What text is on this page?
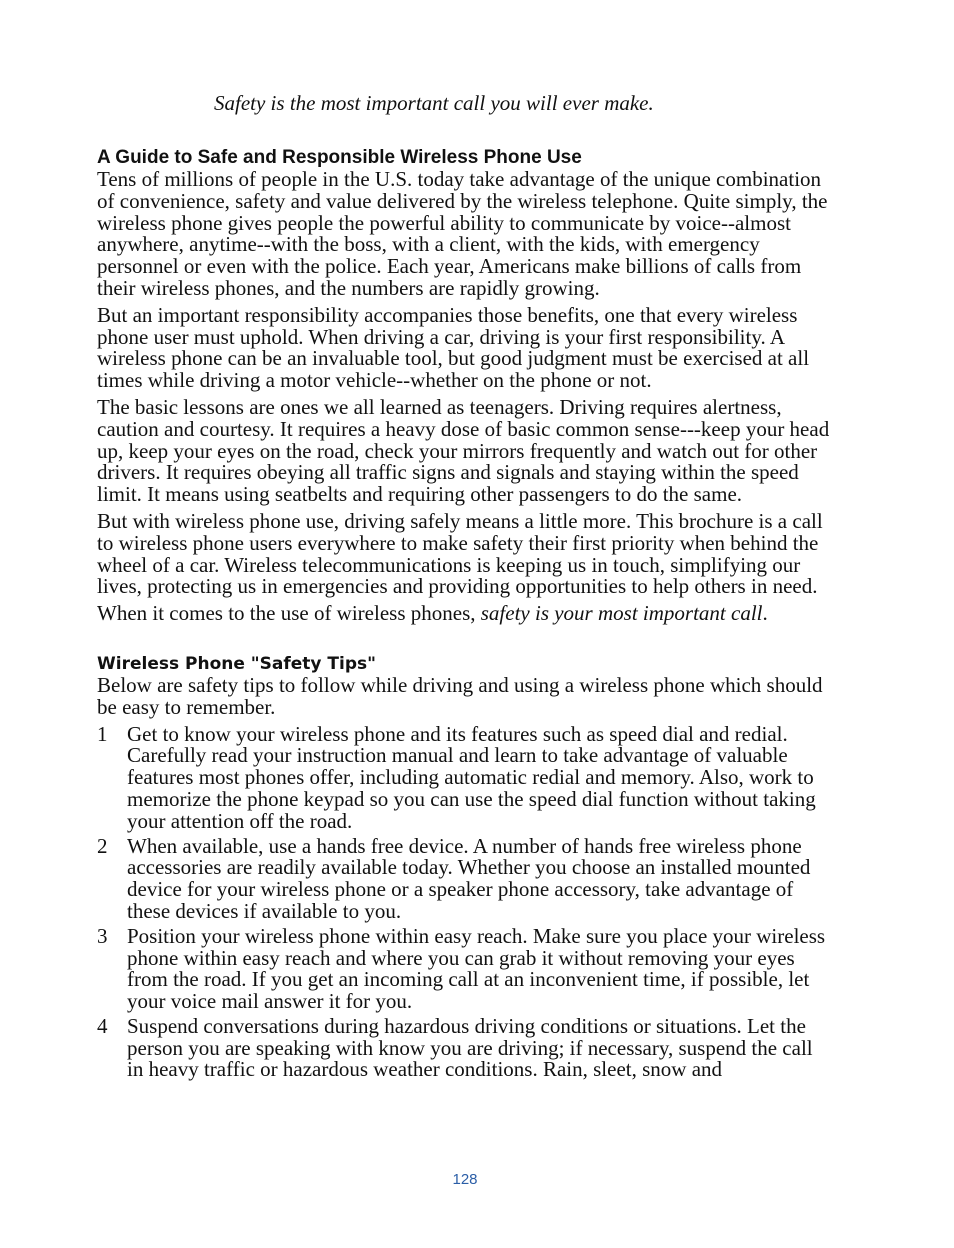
Safety is the most important call you will ever make.
A Guide to Safe and Responsible Wireless Phone Use

Tens of millions of people in the U.S. today take advantage of the unique combination of convenience, safety and value delivered by the wireless telephone. Quite simply, the wireless phone gives people the powerful ability to communicate by voice--almost anywhere, anytime--with the boss, with a client, with the kids, with emergency personnel or even with the police. Each year, Americans make billions of calls from their wireless phones, and the numbers are rapidly growing.

But an important responsibility accompanies those benefits, one that every wireless phone user must uphold. When driving a car, driving is your first responsibility. A wireless phone can be an invaluable tool, but good judgment must be exercised at all times while driving a motor vehicle--whether on the phone or not.

The basic lessons are ones we all learned as teenagers. Driving requires alertness, caution and courtesy. It requires a heavy dose of basic common sense---keep your head up, keep your eyes on the road, check your mirrors frequently and watch out for other drivers. It requires obeying all traffic signs and signals and staying within the speed limit. It means using seatbelts and requiring other passengers to do the same.

But with wireless phone use, driving safely means a little more. This brochure is a call to wireless phone users everywhere to make safety their first priority when behind the wheel of a car. Wireless telecommunications is keeping us in touch, simplifying our lives, protecting us in emergencies and providing opportunities to help others in need.

When it comes to the use of wireless phones, safety is your most important call.

Wireless Phone "Safety Tips"

Below are safety tips to follow while driving and using a wireless phone which should be easy to remember.

1 Get to know your wireless phone and its features such as speed dial and redial. Carefully read your instruction manual and learn to take advantage of valuable features most phones offer, including automatic redial and memory. Also, work to memorize the phone keypad so you can use the speed dial function without taking your attention off the road.
2 When available, use a hands free device. A number of hands free wireless phone accessories are readily available today. Whether you choose an installed mounted device for your wireless phone or a speaker phone accessory, take advantage of these devices if available to you.
3 Position your wireless phone within easy reach. Make sure you place your wireless phone within easy reach and where you can grab it without removing your eyes from the road. If you get an incoming call at an inconvenient time, if possible, let your voice mail answer it for you.
4 Suspend conversations during hazardous driving conditions or situations. Let the person you are speaking with know you are driving; if necessary, suspend the call in heavy traffic or hazardous weather conditions. Rain, sleet, snow and
128
